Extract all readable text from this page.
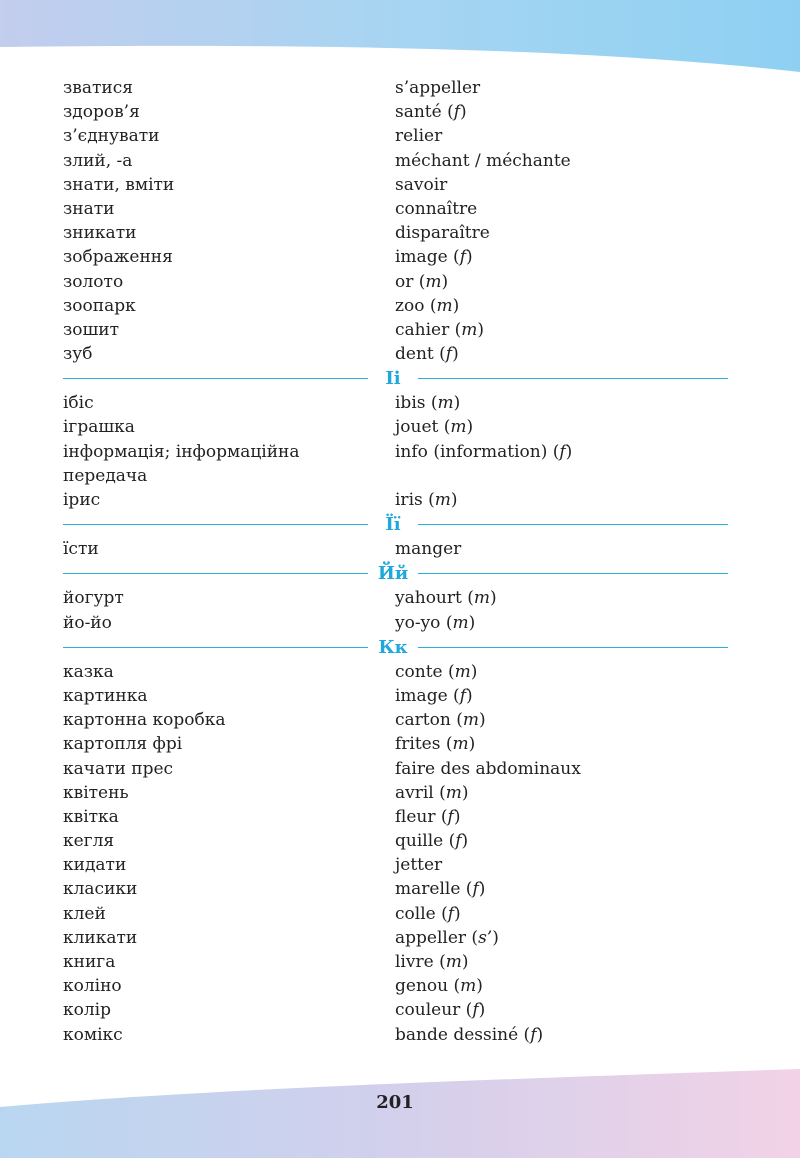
зватися	s’appeller
здоров’я	santé (f)
з’єднувати	relier
злий, -а	méchant / méchante
знати, вміти	savoir
знати	connaître
зникати	disparaître
зображення	image (f)
золото	or (m)
зоопарк	zoo (m)
зошит	cahier (m)
зуб	dent (f)
Іі
ібіс	ibis (m)
іграшка	jouet (m)
інформація; інформаційна	info (information) (f)
передача
ірис	iris (m)
Її
їсти	manger
Йй
йогурт	yahourt (m)
йо-йо	yo-yo (m)
Кк
казка	conte (m)
картинка	image (f)
картонна коробка	carton (m)
картопля фрі	frites (m)
качати прес	faire des abdominaux
квітень	avril (m)
квітка	fleur (f)
кегля	quille (f)
кидати	jetter
класики	marelle (f)
клей	colle (f)
кликати	appeller (s’)
книга	livre (m)
коліно	genou (m)
колір	couleur (f)
комікс	bande dessiné (f)
201
